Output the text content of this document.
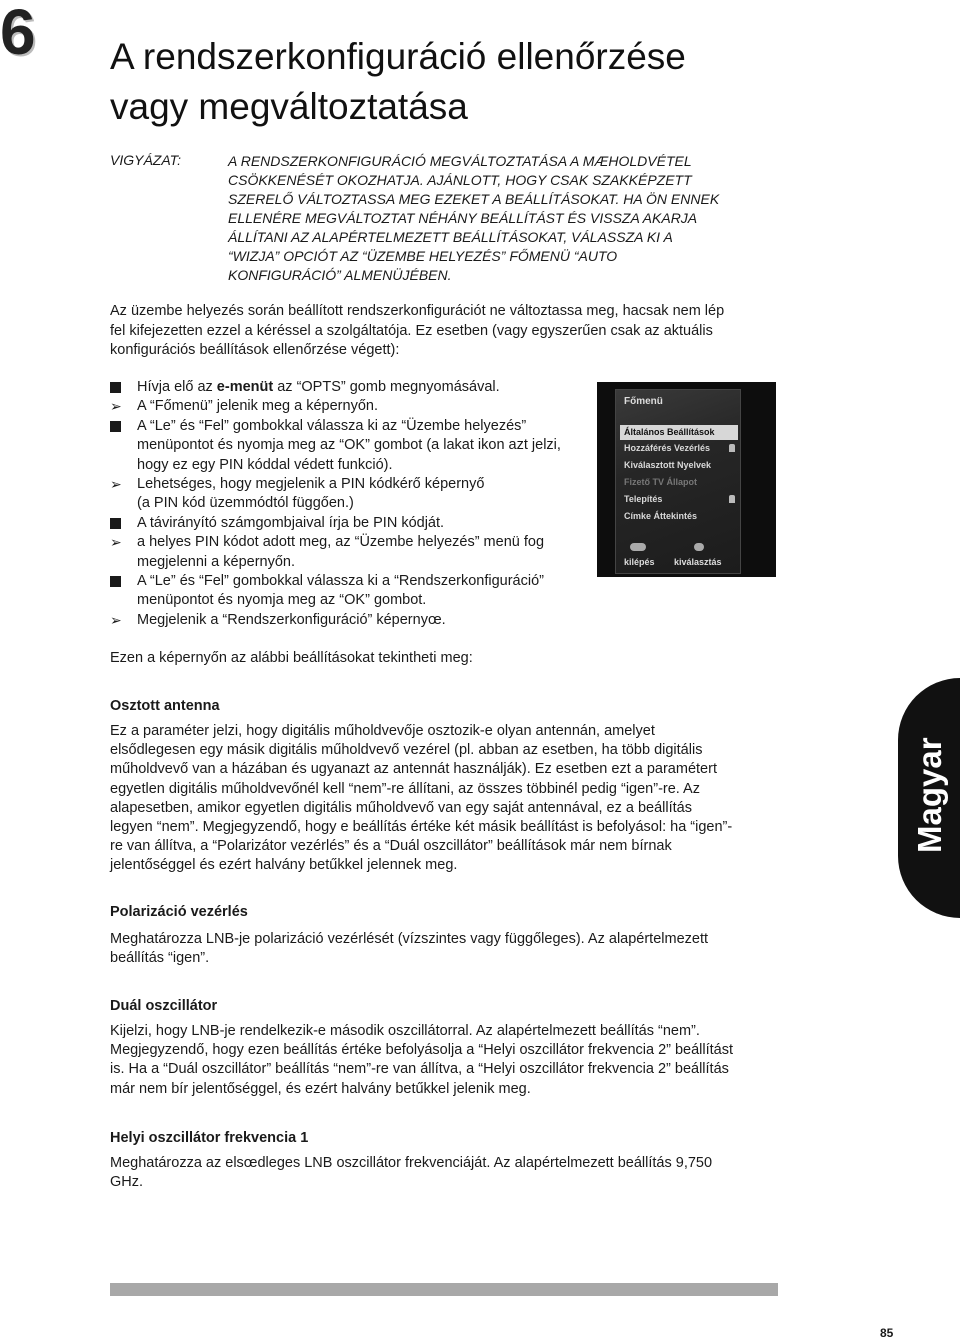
6 A rendszerkonfiguráció ellenőrzése
vagy megváltoztatása
VIGYÁZAT:	A RENDSZERKONFIGURÁCIÓ MEGVÁLTOZTATÁSA A MÆHOLDVÉTEL
CSÖKKENÉSÉT OKOZHATJA. AJÁNLOTT, HOGY CSAK SZAKKÉPZETT
SZERELŐ VÁLTOZTASSA MEG EZEKET A BEÁLLÍTÁSOKAT. HA ÖN ENNEK
ELLENÉRE MEGVÁLTOZTAT NÉHÁNY BEÁLLÍTÁST ÉS VISSZA AKARJA
ÁLLÍTANI AZ ALAPÉRTELMEZETT BEÁLLÍTÁSOKAT, VÁLASSZA KI A
“WIZJA” OPCIÓT AZ “ÜZEMBE HELYEZÉS” FŐMENÜ “AUTO
KONFIGURÁCIÓ” ALMENÜJÉBEN.
Az üzembe helyezés során beállított rendszerkonfigurációt ne változtassa meg, hacsak nem lép
fel kifejezetten ezzel a kéréssel a szolgáltatója. Ez esetben (vagy egyszerűen csak az aktuális
konfigurációs beállítások ellenőrzése végett):
Hívja elő az e-menüt az “OPTS” gomb megnyomásával.
➢ A “Főmenü” jelenik meg a képernyőn.
A “Le” és “Fel” gombokkal válassza ki az “Üzembe helyezés”
menüpontot és nyomja meg az “OK” gombot (a lakat ikon azt jelzi,
hogy ez egy PIN kóddal védett funkció).
➢ Lehetséges, hogy megjelenik a PIN kódkérő képernyő
(a PIN kód üzemmódtól függően.)
A távirányító számgombjaival írja be PIN kódját.
➢ a helyes PIN kódot adott meg, az “Üzembe helyezés” menü fog
megjelenni a képernyőn.
A “Le” és “Fel” gombokkal válassza ki a “Rendszerkonfiguráció”
menüpontot és nyomja meg az “OK” gombot.
➢ Megjelenik a “Rendszerkonfiguráció” képernyœ.
Főmenü
Általános Beállítások
Hozzáférés Vezérlés
Kiválasztott Nyelvek
Fizető TV Állapot
Telepítés
Címke Áttekintés
kilépés kiválasztás
Ezen a képernyőn az alábbi beállításokat tekintheti meg:
Osztott antenna
Ez a paraméter jelzi, hogy digitális műholdvevője osztozik-e olyan antennán, amelyet
elsődlegesen egy másik digitális műholdvevő vezérel (pl. abban az esetben, ha több digitális
műholdvevő van a házában és ugyanazt az antennát használják). Ez esetben ezt a paramétert
egyetlen digitális műholdvevőnél kell “nem”-re állítani, az összes többinél pedig “igen”-re. Az
alapesetben, amikor egyetlen digitális műholdvevő van egy saját antennával, ez a beállítás
legyen “nem”. Megjegyzendő, hogy e beállítás értéke két másik beállítást is befolyásol: ha “igen”-
re van állítva, a “Polarizátor vezérlés” és a “Duál oszcillátor” beállítások már nem bírnak
jelentőséggel és ezért halvány betűkkel jelennek meg.
Polarizáció vezérlés
Meghatározza LNB-je polarizáció vezérlését (vízszintes vagy függőleges). Az alapértelmezett
beállítás “igen”.
Duál oszcillátor
Kijelzi, hogy LNB-je rendelkezik-e második oszcillátorral. Az alapértelmezett beállítás “nem”.
Megjegyzendő, hogy ezen beállítás értéke befolyásolja a “Helyi oszcillátor frekvencia 2” beállítást
is. Ha a “Duál oszcillátor” beállítás “nem”-re van állítva, a “Helyi oszcillátor frekvencia 2” beállítás
már nem bír jelentőséggel, és ezért halvány betűkkel jelenik meg.
Helyi oszcillátor frekvencia 1
Meghatározza az elsœdleges LNB oszcillátor frekvenciáját. Az alapértelmezett beállítás 9,750
GHz.
Magyar
85
